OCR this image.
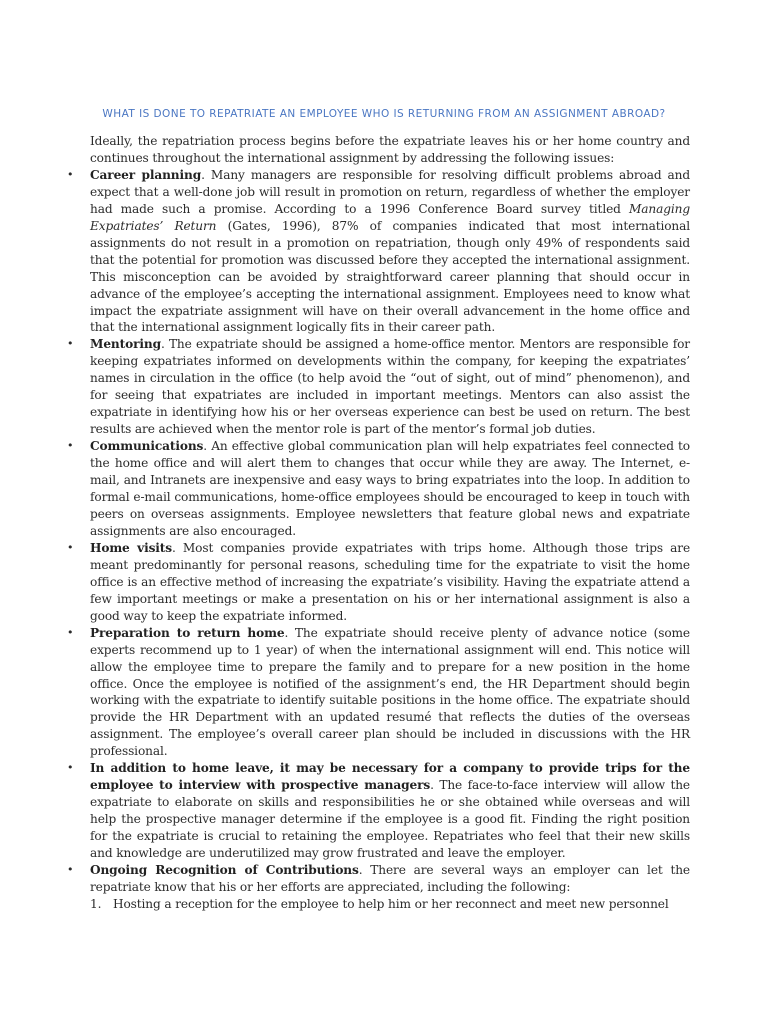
WHAT IS DONE TO REPATRIATE AN EMPLOYEE WHO IS RETURNING FROM AN ASSIGNMENT ABROAD?

Ideally, the repatriation process begins before the expatriate leaves his or her home country and continues throughout the international assignment by addressing the following issues:

• Career planning. Many managers are responsible for resolving difficult problems abroad and expect that a well-done job will result in promotion on return, regardless of whether the employer had made such a promise. According to a 1996 Conference Board survey titled Managing Expatriates’ Return (Gates, 1996), 87% of companies indicated that most international assignments do not result in a promotion on repatriation, though only 49% of respondents said that the potential for promotion was discussed before they accepted the international assignment. This misconception can be avoided by straightforward career planning that should occur in advance of the employee’s accepting the international assignment. Employees need to know what impact the expatriate assignment will have on their overall advancement in the home office and that the international assignment logically fits in their career path.
• Mentoring. The expatriate should be assigned a home-office mentor. Mentors are responsible for keeping expatriates informed on developments within the company, for keeping the expatriates’ names in circulation in the office (to help avoid the “out of sight, out of mind” phenomenon), and for seeing that expatriates are included in important meetings. Mentors can also assist the expatriate in identifying how his or her overseas experience can best be used on return. The best results are achieved when the mentor role is part of the mentor’s formal job duties.
• Communications. An effective global communication plan will help expatriates feel connected to the home office and will alert them to changes that occur while they are away. The Internet, e-mail, and Intranets are inexpensive and easy ways to bring expatriates into the loop. In addition to formal e-mail communications, home-office employees should be encouraged to keep in touch with peers on overseas assignments. Employee newsletters that feature global news and expatriate assignments are also encouraged.
• Home visits. Most companies provide expatriates with trips home. Although those trips are meant predominantly for personal reasons, scheduling time for the expatriate to visit the home office is an effective method of increasing the expatriate’s visibility. Having the expatriate attend a few important meetings or make a presentation on his or her international assignment is also a good way to keep the expatriate informed.
• Preparation to return home. The expatriate should receive plenty of advance notice (some experts recommend up to 1 year) of when the international assignment will end. This notice will allow the employee time to prepare the family and to prepare for a new position in the home office. Once the employee is notified of the assignment’s end, the HR Department should begin working with the expatriate to identify suitable positions in the home office. The expatriate should provide the HR Department with an updated resumé that reflects the duties of the overseas assignment. The employee’s overall career plan should be included in discussions with the HR professional.
• In addition to home leave, it may be necessary for a company to provide trips for the employee to interview with prospective managers. The face-to-face interview will allow the expatriate to elaborate on skills and responsibilities he or she obtained while overseas and will help the prospective manager determine if the employee is a good fit. Finding the right position for the expatriate is crucial to retaining the employee. Repatriates who feel that their new skills and knowledge are underutilized may grow frustrated and leave the employer.
• Ongoing Recognition of Contributions. There are several ways an employer can let the repatriate know that his or her efforts are appreciated, including the following:
1. Hosting a reception for the employee to help him or her reconnect and meet new personnel
